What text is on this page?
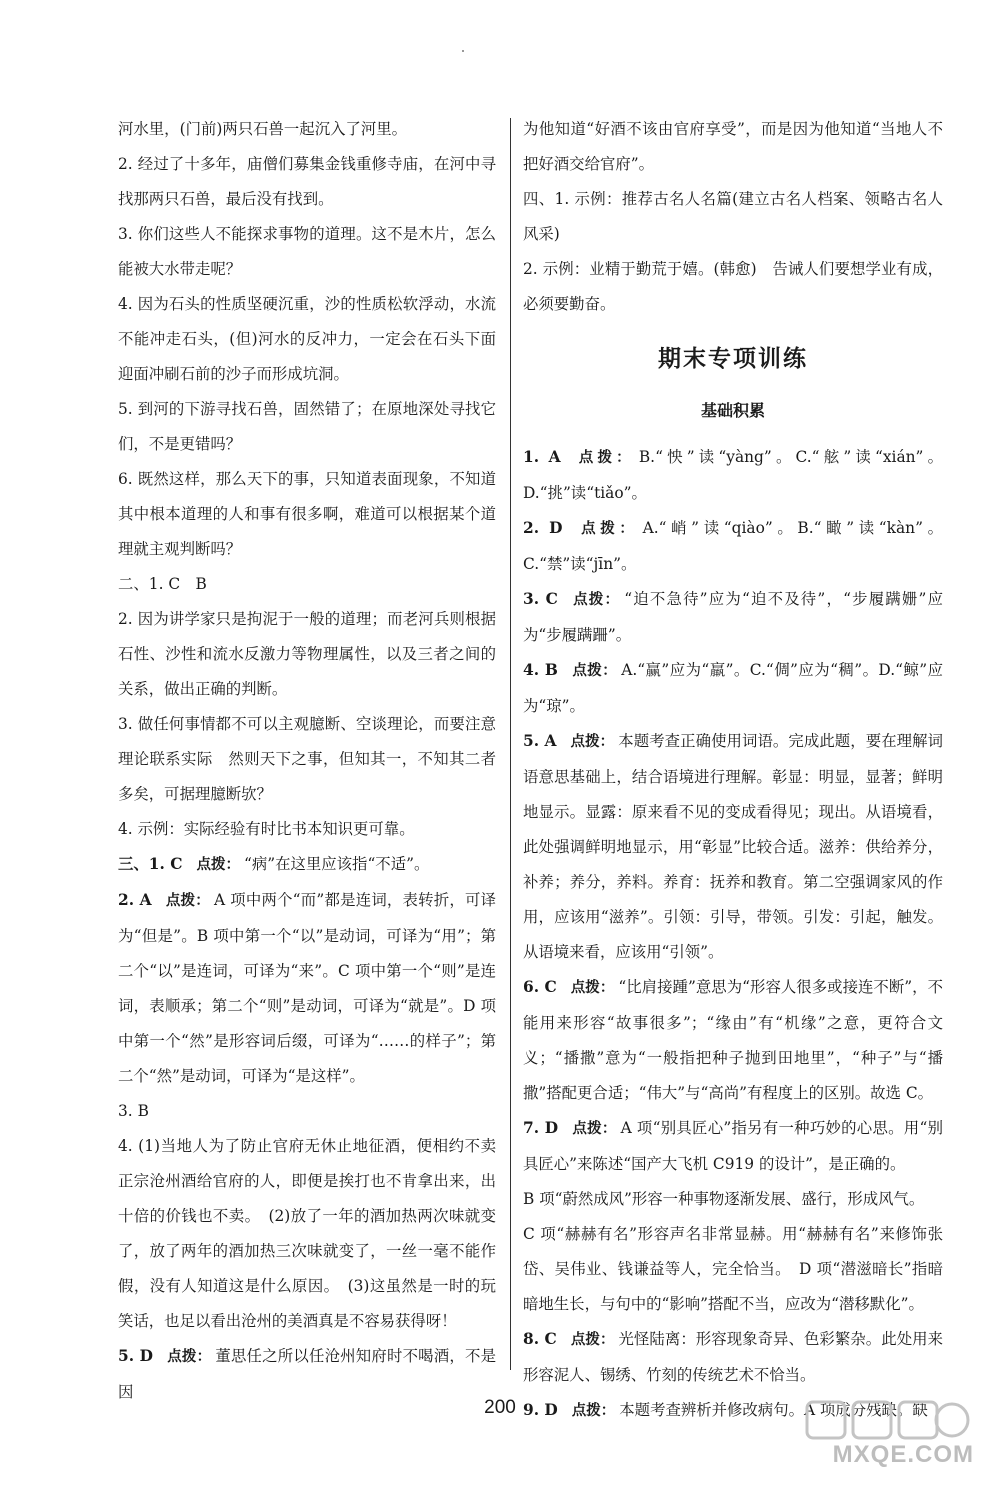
河水里，(门前)两只石兽一起沉入了河里。

2. 经过了十多年，庙僧们募集金钱重修寺庙，在河中寻找那两只石兽，最后没有找到。

3. 你们这些人不能探求事物的道理。这不是木片，怎么能被大水带走呢？

4. 因为石头的性质坚硬沉重，沙的性质松软浮动，水流不能冲走石头，(但)河水的反冲力，一定会在石头下面迎面冲刷石前的沙子而形成坑洞。

5. 到河的下游寻找石兽，固然错了；在原地深处寻找它们，不是更错吗？

6. 既然这样，那么天下的事，只知道表面现象，不知道其中根本道理的人和事有很多啊，难道可以根据某个道理就主观判断吗？

二、1. C　B

2. 因为讲学家只是拘泥于一般的道理；而老河兵则根据石性、沙性和流水反激力等物理属性，以及三者之间的关系，做出正确的判断。

3. 做任何事情都不可以主观臆断、空谈理论，而要注意理论联系实际　然则天下之事，但知其一，不知其二者多矣，可据理臆断欤？

4. 示例：实际经验有时比书本知识更可靠。

三、1. C 点拨： “病”在这里应该指“不适”。

2. A 点拨： A 项中两个“而”都是连词，表转折，可译为“但是”。B 项中第一个“以”是动词，可译为“用”；第二个“以”是连词，可译为“来”。C 项中第一个“则”是连词，表顺承；第二个“则”是动词，可译为“就是”。D 项中第一个“然”是形容词后缀，可译为“……的样子”；第二个“然”是动词，可译为“是这样”。

3. B

4. (1)当地人为了防止官府无休止地征酒，便相约不卖正宗沧州酒给官府的人，即便是挨打也不肯拿出来，出十倍的价钱也不卖。　(2)放了一年的酒加热两次味就变了，放了两年的酒加热三次味就变了，一丝一毫不能作假，没有人知道这是什么原因。　(3)这虽然是一时的玩笑话，也足以看出沧州的美酒真是不容易获得呀！

5. D 点拨： 董思任之所以任沧州知府时不喝酒，不是因

为他知道“好酒不该由官府享受”，而是因为他知道“当地人不把好酒交给官府”。

四、1. 示例：推荐古名人名篇(建立古名人档案、领略古名人风采)

2. 示例：业精于勤荒于嬉。(韩愈)　告诫人们要想学业有成，必须要勤奋。

期末专项训练
基础积累

1. A 点拨： B.“怏”读“yàng”。C.“舷”读“xián”。D.“挑”读“tiǎo”。

2. D 点拨： A.“峭”读“qiào”。B.“瞰”读“kàn”。C.“禁”读“jīn”。

3. C 点拨： “迫不急待”应为“迫不及待”，“步履蹒姗”应为“步履蹒跚”。

4. B 点拨： A.“赢”应为“羸”。C.“倜”应为“稠”。D.“鲸”应为“琼”。

5. A 点拨： 本题考查正确使用词语。完成此题，要在理解词语意思基础上，结合语境进行理解。彰显：明显，显著；鲜明地显示。显露：原来看不见的变成看得见；现出。从语境看，此处强调鲜明地显示，用“彰显”比较合适。滋养：供给养分，补养；养分，养料。养育：抚养和教育。第二空强调家风的作用，应该用“滋养”。引领：引导，带领。引发：引起，触发。从语境来看，应该用“引领”。

6. C 点拨： “比肩接踵”意思为“形容人很多或接连不断”，不能用来形容“故事很多”；“缘由”有“机缘”之意，更符合文义；“播撒”意为“一般指把种子抛到田地里”，“种子”与“播撒”搭配更合适；“伟大”与“高尚”有程度上的区别。故选 C。

7. D 点拨： A 项“别具匠心”指另有一种巧妙的心思。用“别具匠心”来陈述“国产大飞机 C919 的设计”，是正确的。

B 项“蔚然成风”形容一种事物逐渐发展、盛行，形成风气。

C 项“赫赫有名”形容声名非常显赫。用“赫赫有名”来修饰张岱、吴伟业、钱谦益等人，完全恰当。　D 项“潜滋暗长”指暗暗地生长，与句中的“影响”搭配不当，应改为“潜移默化”。

8. C 点拨： 光怪陆离：形容现象奇异、色彩繁杂。此处用来形容泥人、锡绣、竹刻的传统艺术不恰当。

9. D 点拨： 本题考查辨析并修改病句。A 项成分残缺。缺

200
MXQE.COM
